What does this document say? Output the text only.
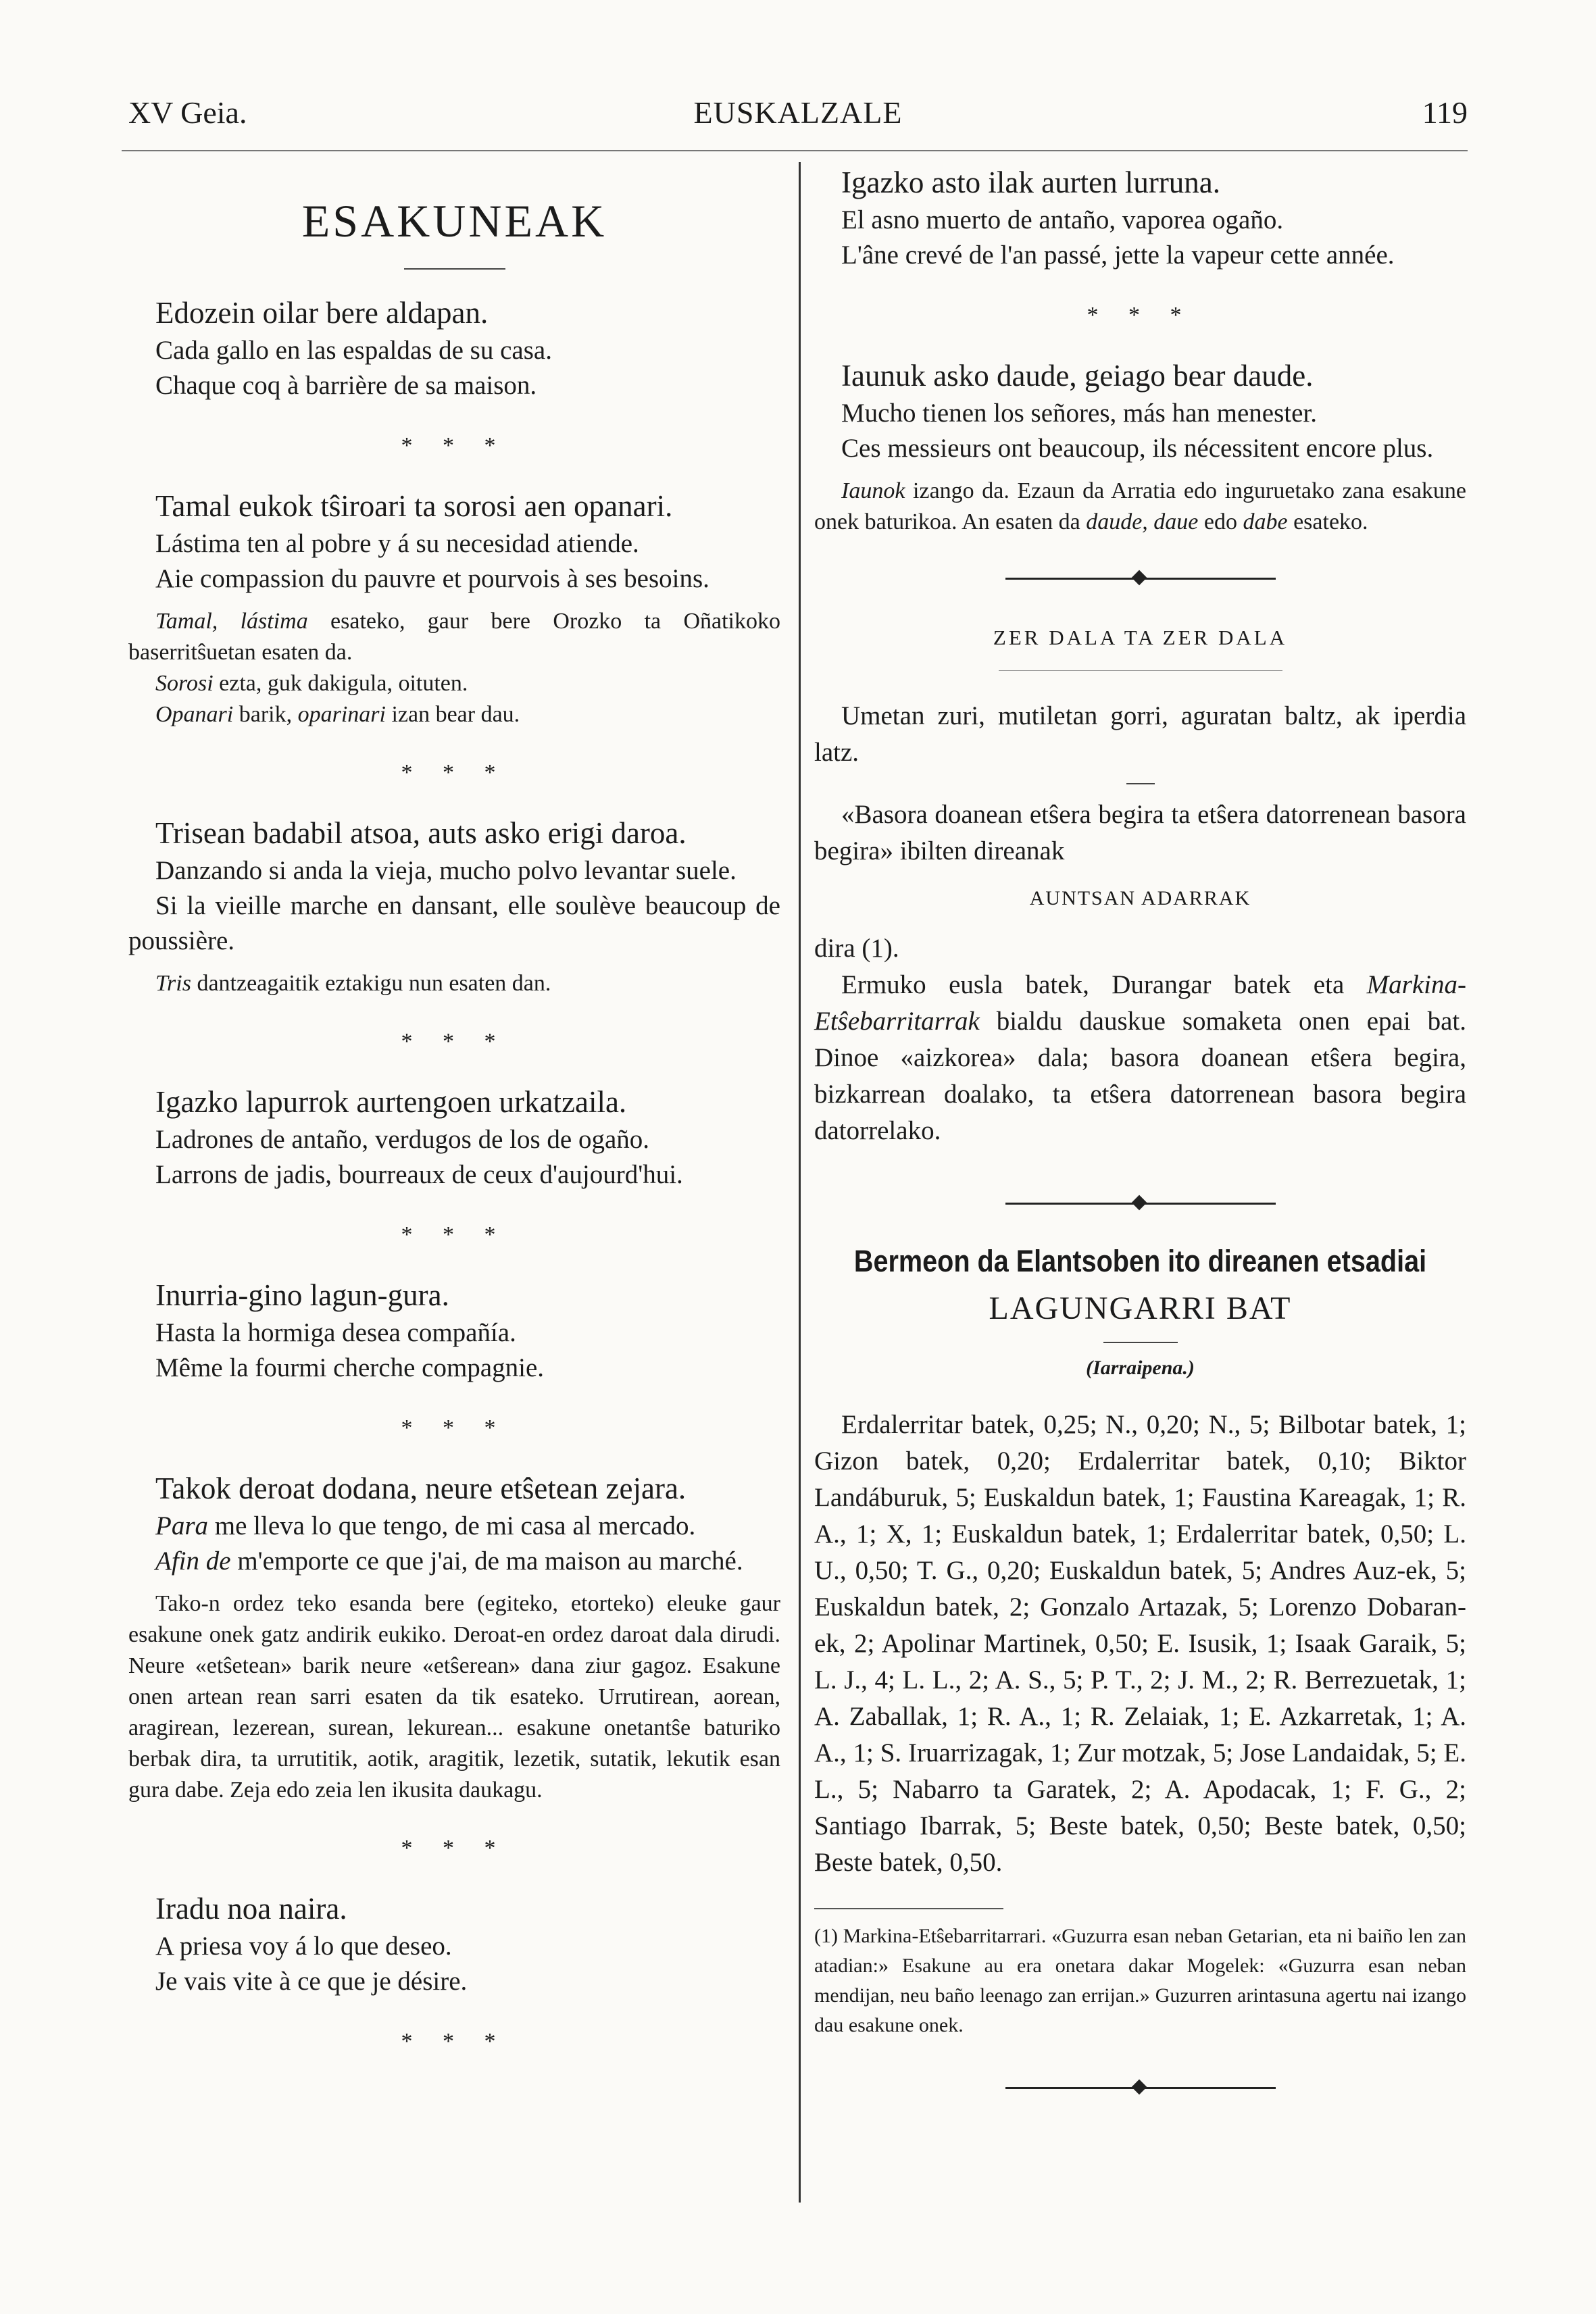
XV Geia.	EUSKALZALE	119
ESAKUNEAK

Edozein oilar bere aldapan.

Cada gallo en las espaldas de su casa.

Chaque coq à barrière de sa maison.

* * *

Tamal eukok tŝiroari ta sorosi aen opanari.

Lástima ten al pobre y á su necesidad atiende.

Aie compassion du pauvre et pourvois à ses besoins.

Tamal, lástima esateko, gaur bere Orozko ta Oñatikoko baserritŝuetan esaten da.

Sorosi ezta, guk dakigula, oituten.

Opanari barik, oparinari izan bear dau.

* * *

Trisean badabil atsoa, auts asko erigi daroa.

Danzando si anda la vieja, mucho polvo levantar suele.

Si la vieille marche en dansant, elle soulève beaucoup de poussière.

Tris dantzeagaitik eztakigu nun esaten dan.

* * *

Igazko lapurrok aurtengoen urkatzaila.

Ladrones de antaño, verdugos de los de ogaño.

Larrons de jadis, bourreaux de ceux d'aujourd'hui.

* * *

Inurria-gino lagun-gura.

Hasta la hormiga desea compañía.

Même la fourmi cherche compagnie.

* * *

Takok deroat dodana, neure etŝetean zejara.

Para me lleva lo que tengo, de mi casa al mercado.

Afin de m'emporte ce que j'ai, de ma maison au marché.

Tako-n ordez teko esanda bere (egiteko, etorteko) eleuke gaur esakune onek gatz andirik eukiko. Deroat-en ordez daroat dala dirudi. Neure «etŝetean» barik neure «etŝerean» dana ziur gagoz. Esakune onen artean rean sarri esaten da tik esateko. Urrutirean, aorean, aragirean, lezerean, surean, lekurean... esakune onetantŝe baturiko berbak dira, ta urrutitik, aotik, aragitik, lezetik, sutatik, lekutik esan gura dabe. Zeja edo zeia len ikusita daukagu.

* * *

Iradu noa naira.

A priesa voy á lo que deseo.

Je vais vite à ce que je désire.

* * *

Igazko asto ilak aurten lurruna.

El asno muerto de antaño, vaporea ogaño.

L'âne crevé de l'an passé, jette la vapeur cette année.

* * *

Iaunuk asko daude, geiago bear daude.

Mucho tienen los señores, más han menester.

Ces messieurs ont beaucoup, ils nécessitent encore plus.

Iaunok izango da. Ezaun da Arratia edo inguruetako zana esakune onek baturikoa. An esaten da daude, daue edo dabe esateko.

ZER DALA TA ZER DALA

Umetan zuri, mutiletan gorri, aguratan baltz, ak iperdia latz.

«Basora doanean etŝera begira ta etŝera datorrenean basora begira» ibilten direanak

AUNTSAN ADARRAK

dira (1).

Ermuko eusla batek, Durangar batek eta Markina-Etŝebarritarrak bialdu dauskue somaketa onen epai bat. Dinoe «aizkorea» dala; basora doanean etŝera begira, bizkarrean doalako, ta etŝera datorrenean basora begira datorrelako.

Bermeon da Elantsoben ito direanen etsadiai
LAGUNGARRI BAT
(Iarraipena.)

Erdalerritar batek, 0,25; N., 0,20; N., 5; Bilbotar batek, 1; Gizon batek, 0,20; Erdalerritar batek, 0,10; Biktor Landáburuk, 5; Euskaldun batek, 1; Faustina Kareagak, 1; R. A., 1; X, 1; Euskaldun batek, 1; Erdalerritar batek, 0,50; L. U., 0,50; T. G., 0,20; Euskaldun batek, 5; Andres Auz-ek, 5; Euskaldun batek, 2; Gonzalo Artazak, 5; Lorenzo Dobaran-ek, 2; Apolinar Martinek, 0,50; E. Isusik, 1; Isaak Garaik, 5; L. J., 4; L. L., 2; A. S., 5; P. T., 2; J. M., 2; R. Berrezuetak, 1; A. Zaballak, 1; R. A., 1; R. Zelaiak, 1; E. Azkarretak, 1; A. A., 1; S. Iruarrizagak, 1; Zur motzak, 5; Jose Landaidak, 5; E. L., 5; Nabarro ta Garatek, 2; A. Apodacak, 1; F. G., 2; Santiago Ibarrak, 5; Beste batek, 0,50; Beste batek, 0,50; Beste batek, 0,50.

(1) Markina-Etŝebarritarrari. «Guzurra esan neban Getarian, eta ni baiño len zan atadian:» Esakune au era onetara dakar Mogelek: «Guzurra esan neban mendijan, neu baño leenago zan errijan.» Guzurren arintasuna agertu nai izango dau esakune onek.
